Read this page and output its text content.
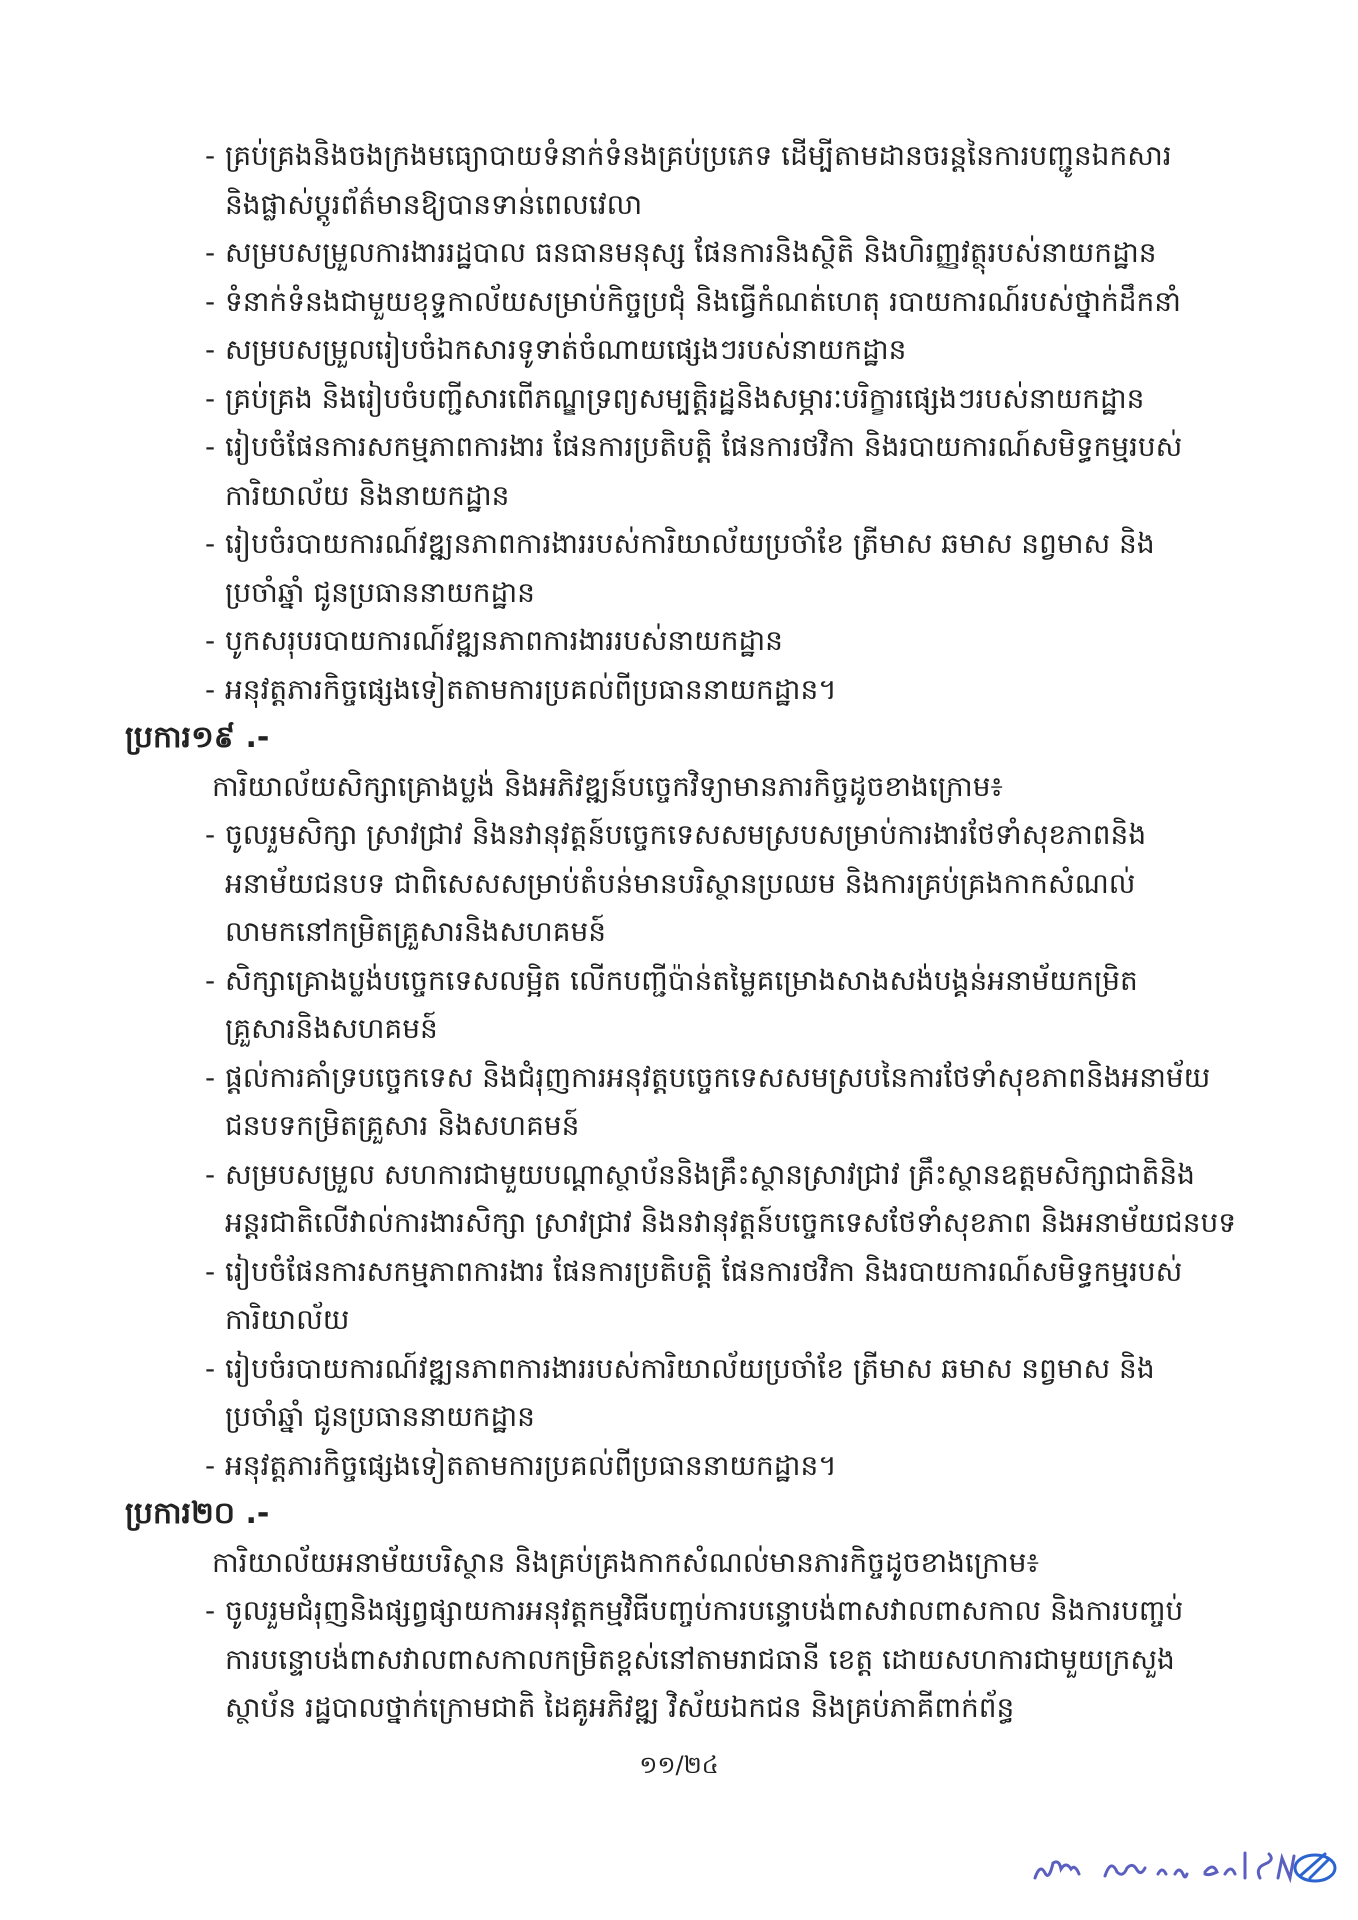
- គ្រប់គ្រងនិងចងក្រងមធ្យោបាយទំនាក់ទំនងគ្រប់ប្រភេទ ដើម្បីតាមដានចរន្តនៃការបញ្ជូនឯកសារ
និងផ្លាស់ប្តូរព័ត៌មានឱ្យបានទាន់ពេលវេលា
- សម្របសម្រួលការងាររដ្ឋបាល ធនធានមនុស្ស ផែនការនិងស្ថិតិ និងហិរញ្ញវត្ថុរបស់នាយកដ្ឋាន
- ទំនាក់ទំនងជាមួយខុទ្ទកាល័យសម្រាប់កិច្ចប្រជុំ និងធ្វើកំណត់ហេតុ របាយការណ៍របស់ថ្នាក់ដឹកនាំ
- សម្របសម្រួលរៀបចំឯកសារទូទាត់ចំណាយផ្សេងៗរបស់នាយកដ្ឋាន
- គ្រប់គ្រង និងរៀបចំបញ្ជីសារពើភណ្ឌទ្រព្យសម្បត្តិរដ្ឋនិងសម្ភារៈបរិក្ខារផ្សេងៗរបស់នាយកដ្ឋាន
- រៀបចំផែនការសកម្មភាពការងារ ផែនការប្រតិបត្តិ ផែនការថវិកា និងរបាយការណ៍សមិទ្ធកម្មរបស់
ការិយាល័យ និងនាយកដ្ឋាន
- រៀបចំរបាយការណ៍វឌ្ឍនភាពការងាររបស់ការិយាល័យប្រចាំខែ ត្រីមាស ឆមាស នព្វមាស និង
ប្រចាំឆ្នាំ ជូនប្រធាននាយកដ្ឋាន
- បូកសរុបរបាយការណ៍វឌ្ឍនភាពការងាររបស់នាយកដ្ឋាន
- អនុវត្តភារកិច្ចផ្សេងទៀតតាមការប្រគល់ពីប្រធាននាយកដ្ឋាន។
ប្រការ១៩ .-
ការិយាល័យសិក្សាគ្រោងប្លង់ និងអភិវឌ្ឍន៍បច្ចេកវិទ្យាមានភារកិច្ចដូចខាងក្រោម៖
- ចូលរួមសិក្សា ស្រាវជ្រាវ និងនវានុវត្តន៍បច្ចេកទេសសមស្របសម្រាប់ការងារថែទាំសុខភាពនិង
អនាម័យជនបទ ជាពិសេសសម្រាប់តំបន់មានបរិស្ថានប្រឈម និងការគ្រប់គ្រងកាកសំណល់
លាមកនៅកម្រិតគ្រួសារនិងសហគមន៍
- សិក្សាគ្រោងប្លង់បច្ចេកទេសលម្អិត លើកបញ្ជីប៉ាន់តម្លៃគម្រោងសាងសង់បង្គន់អនាម័យកម្រិត
គ្រួសារនិងសហគមន៍
- ផ្តល់ការគាំទ្របច្ចេកទេស និងជំរុញការអនុវត្តបច្ចេកទេសសមស្របនៃការថែទាំសុខភាពនិងអនាម័យ
ជនបទកម្រិតគ្រួសារ និងសហគមន៍
- សម្របសម្រួល សហការជាមួយបណ្តាស្ថាប័ននិងគ្រឹះស្ថានស្រាវជ្រាវ គ្រឹះស្ថានឧត្តមសិក្សាជាតិនិង
អន្តរជាតិលើវាល់ការងារសិក្សា ស្រាវជ្រាវ និងនវានុវត្តន៍បច្ចេកទេសថែទាំសុខភាព និងអនាម័យជនបទ
- រៀបចំផែនការសកម្មភាពការងារ ផែនការប្រតិបត្តិ ផែនការថវិកា និងរបាយការណ៍សមិទ្ធកម្មរបស់
ការិយាល័យ
- រៀបចំរបាយការណ៍វឌ្ឍនភាពការងាររបស់ការិយាល័យប្រចាំខែ ត្រីមាស ឆមាស នព្វមាស និង
ប្រចាំឆ្នាំ ជូនប្រធាននាយកដ្ឋាន
- អនុវត្តភារកិច្ចផ្សេងទៀតតាមការប្រគល់ពីប្រធាននាយកដ្ឋាន។
ប្រការ២០ .-
ការិយាល័យអនាម័យបរិស្ថាន និងគ្រប់គ្រងកាកសំណល់មានភារកិច្ចដូចខាងក្រោម៖
- ចូលរួមជំរុញនិងផ្សព្វផ្សាយការអនុវត្តកម្មវិធីបញ្ចប់ការបន្ទោបង់ពាសវាលពាសកាល និងការបញ្ចប់
ការបន្ទោបង់ពាសវាលពាសកាលកម្រិតខ្ពស់នៅតាមរាជធានី ខេត្ត ដោយសហការជាមួយក្រសួង
ស្ថាប័ន រដ្ឋបាលថ្នាក់ក្រោមជាតិ ដៃគូអភិវឌ្ឍ វិស័យឯកជន និងគ្រប់ភាគីពាក់ព័ន្ធ
១១/២៤
